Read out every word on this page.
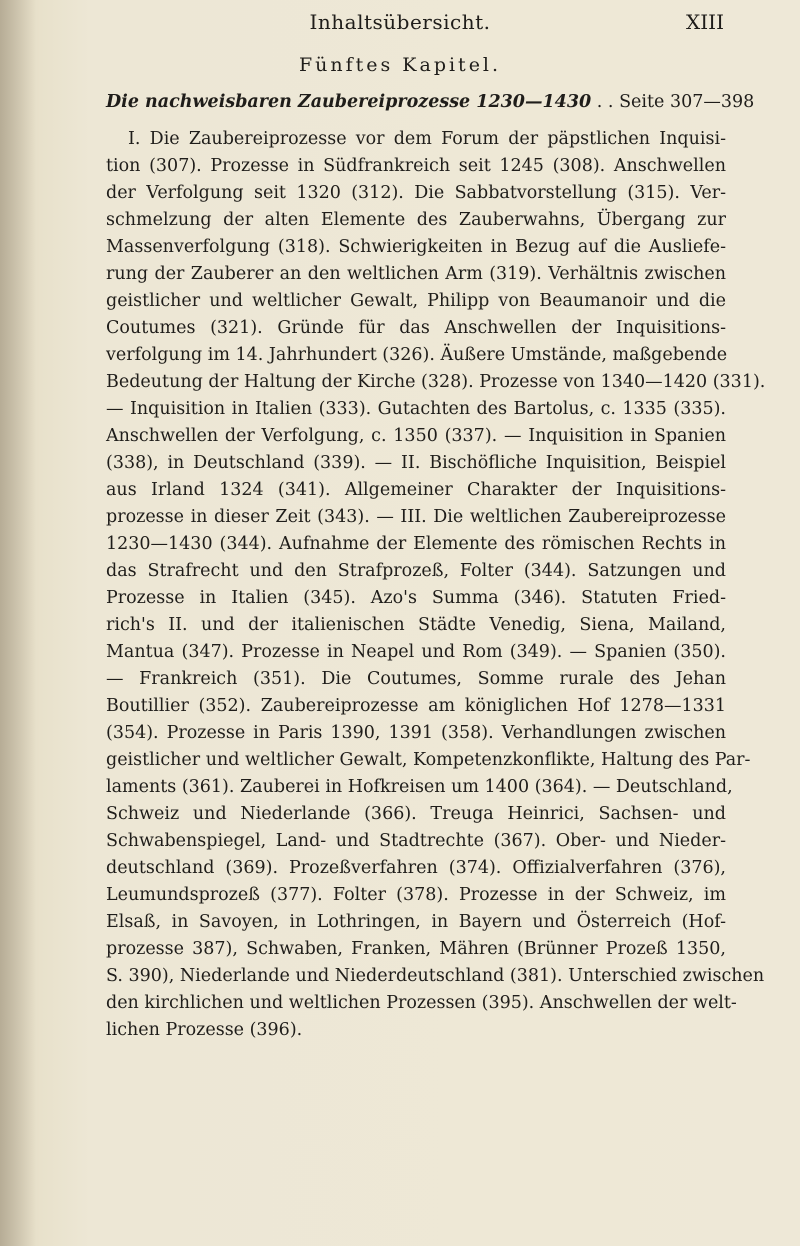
Inhaltsübersicht.	XIII
Fünftes Kapitel.
Die nachweisbaren Zaubereiprozesse 1230—1430 . . Seite 307—398
I. Die Zaubereiprozesse vor dem Forum der päpstlichen Inquisi-
tion (307). Prozesse in Südfrankreich seit 1245 (308). Anschwellen
der Verfolgung seit 1320 (312). Die Sabbatvorstellung (315). Ver-
schmelzung der alten Elemente des Zauberwahns, Übergang zur
Massenverfolgung (318). Schwierigkeiten in Bezug auf die Ausliefe-
rung der Zauberer an den weltlichen Arm (319). Verhältnis zwischen
geistlicher und weltlicher Gewalt, Philipp von Beaumanoir und die
Coutumes (321). Gründe für das Anschwellen der Inquisitions-
verfolgung im 14. Jahrhundert (326). Äußere Umstände, maßgebende
Bedeutung der Haltung der Kirche (328). Prozesse von 1340—1420 (331).
— Inquisition in Italien (333). Gutachten des Bartolus, c. 1335 (335).
Anschwellen der Verfolgung, c. 1350 (337). — Inquisition in Spanien
(338), in Deutschland (339). — II. Bischöfliche Inquisition, Beispiel
aus Irland 1324 (341). Allgemeiner Charakter der Inquisitions-
prozesse in dieser Zeit (343). — III. Die weltlichen Zaubereiprozesse
1230—1430 (344). Aufnahme der Elemente des römischen Rechts in
das Strafrecht und den Strafprozeß, Folter (344). Satzungen und
Prozesse in Italien (345). Azo's Summa (346). Statuten Fried-
rich's II. und der italienischen Städte Venedig, Siena, Mailand,
Mantua (347). Prozesse in Neapel und Rom (349). — Spanien (350).
— Frankreich (351). Die Coutumes, Somme rurale des Jehan
Boutillier (352). Zaubereiprozesse am königlichen Hof 1278—1331
(354). Prozesse in Paris 1390, 1391 (358). Verhandlungen zwischen
geistlicher und weltlicher Gewalt, Kompetenzkonflikte, Haltung des Par-
laments (361). Zauberei in Hofkreisen um 1400 (364). — Deutschland,
Schweiz und Niederlande (366). Treuga Heinrici, Sachsen- und
Schwabenspiegel, Land- und Stadtrechte (367). Ober- und Nieder-
deutschland (369). Prozeßverfahren (374). Offizialverfahren (376),
Leumundsprozeß (377). Folter (378). Prozesse in der Schweiz, im
Elsaß, in Savoyen, in Lothringen, in Bayern und Österreich (Hof-
prozesse 387), Schwaben, Franken, Mähren (Brünner Prozeß 1350,
S. 390), Niederlande und Niederdeutschland (381). Unterschied zwischen
den kirchlichen und weltlichen Prozessen (395). Anschwellen der welt-
lichen Prozesse (396).
